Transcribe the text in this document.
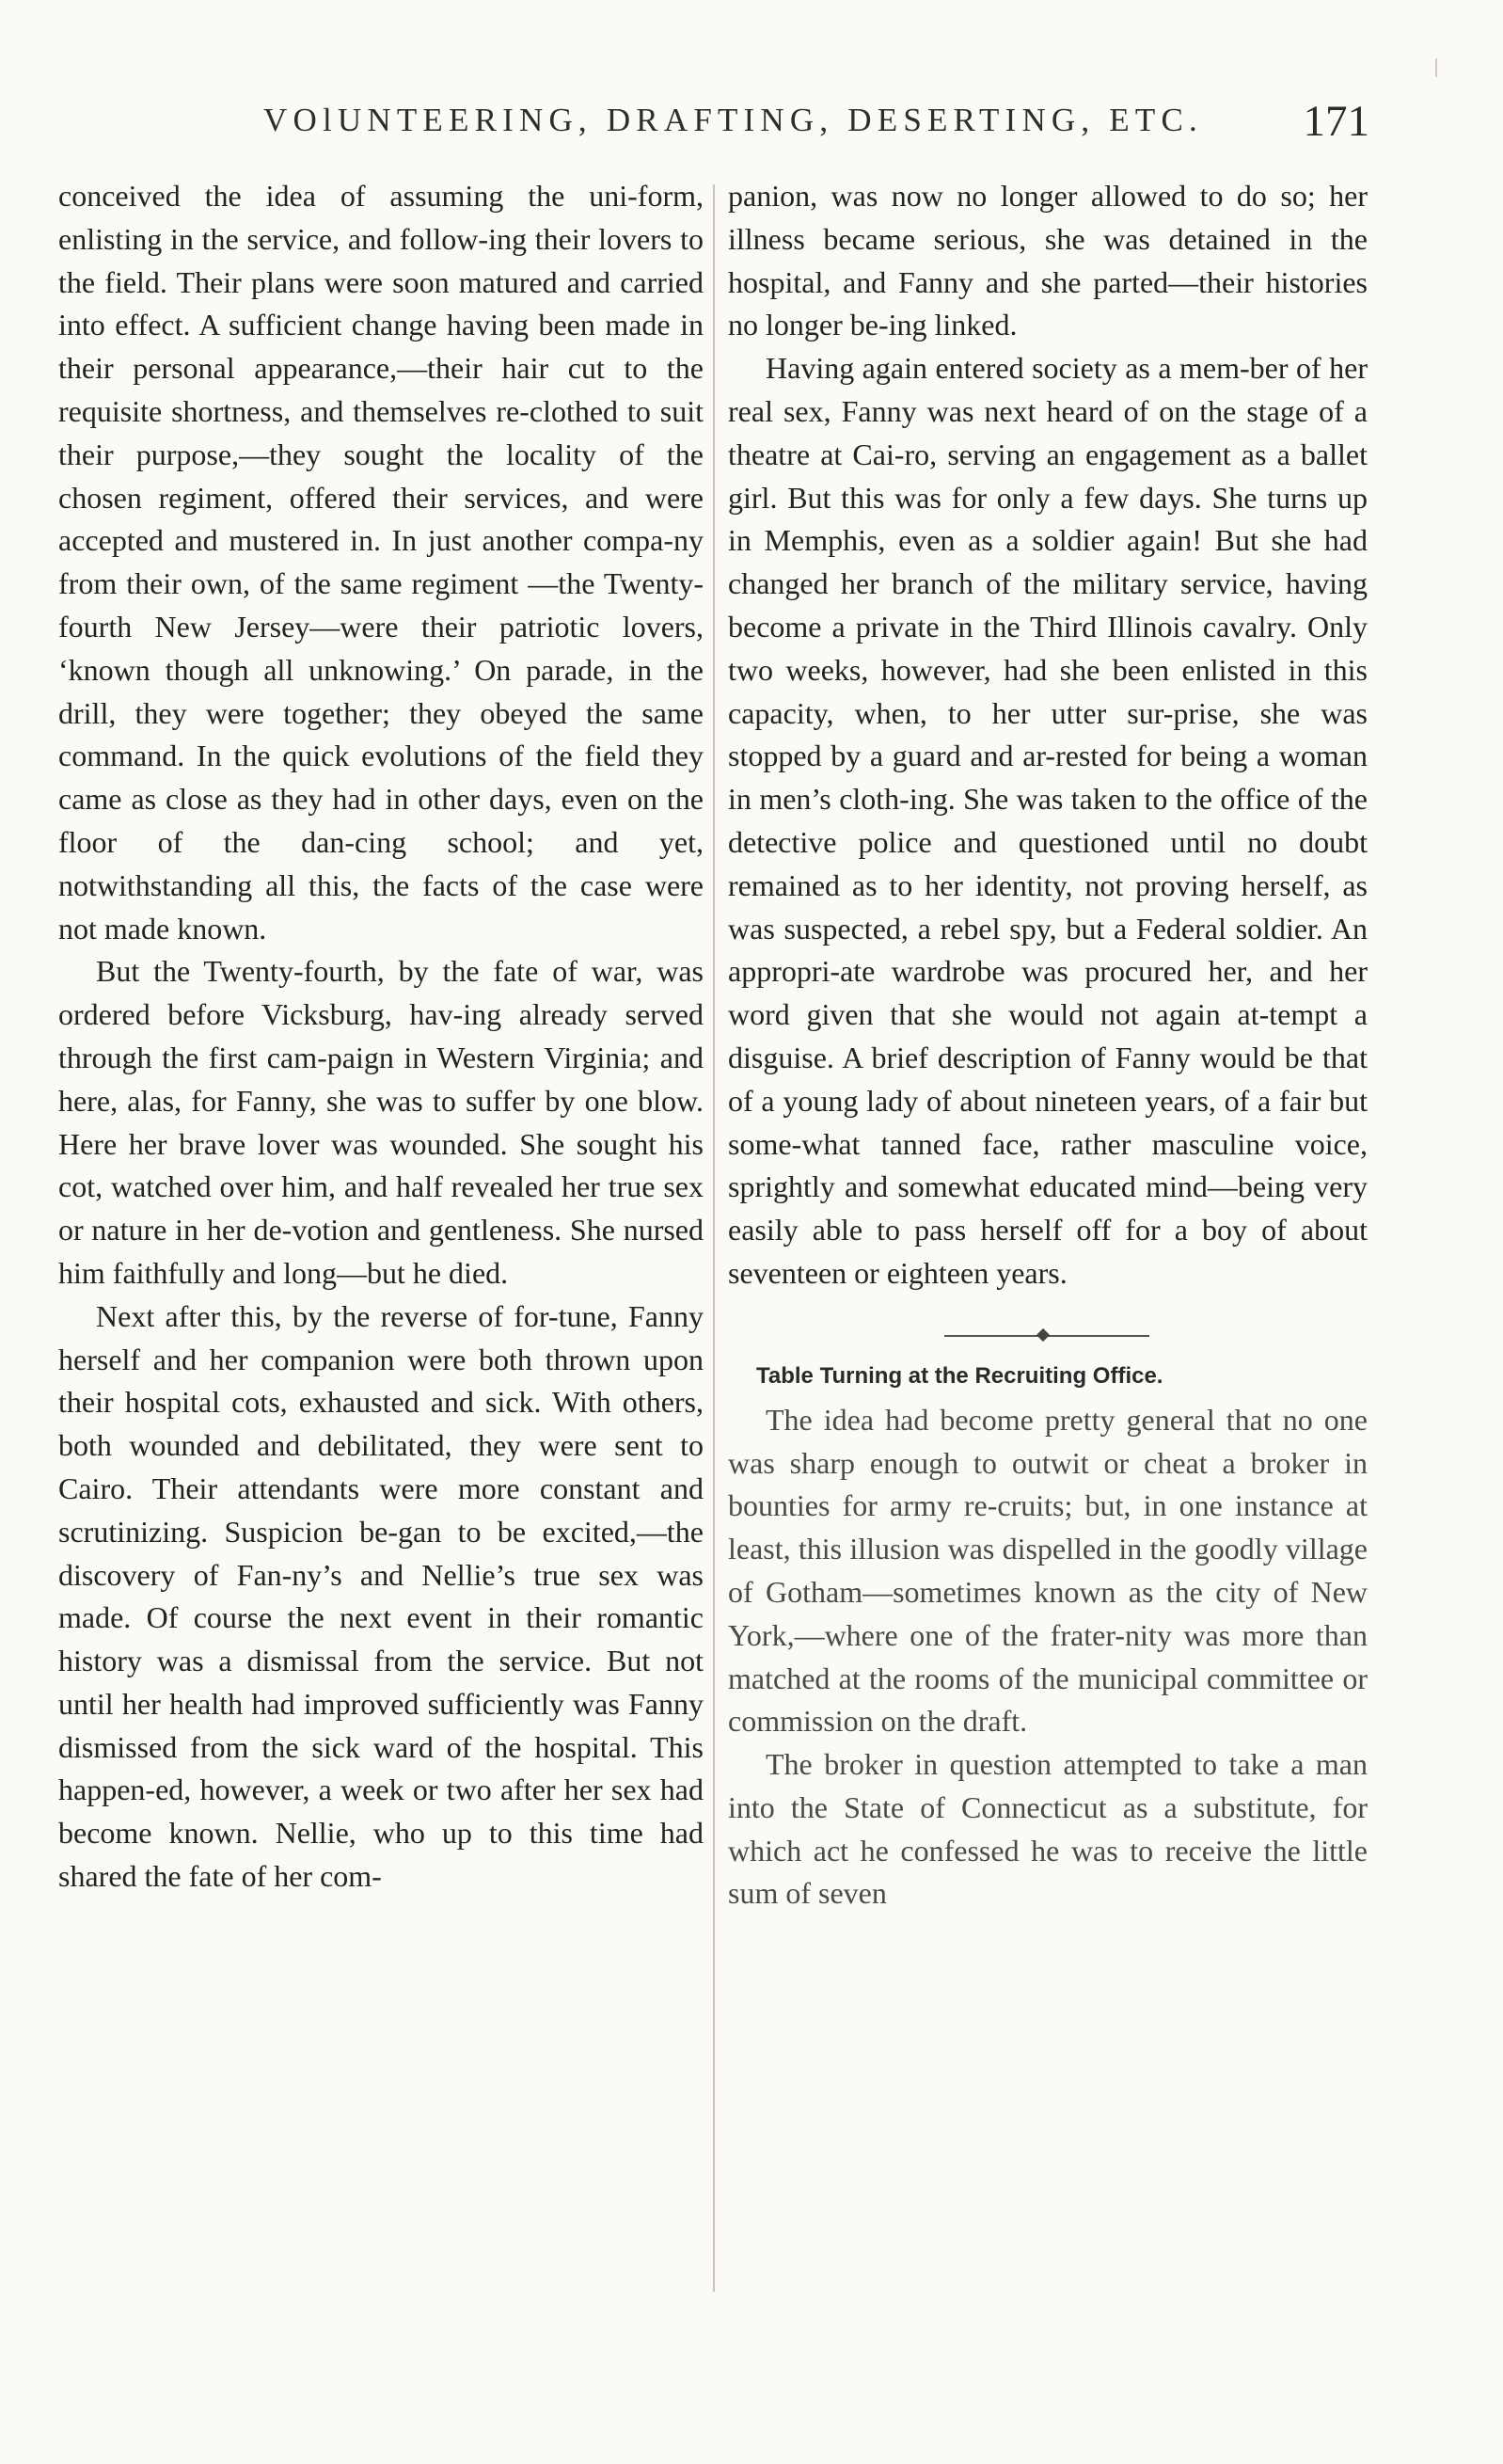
VOlUNTEERING, DRAFTING, DESERTING, ETC. 171

conceived the idea of assuming the uni-form, enlisting in the service, and follow-ing their lovers to the field. Their plans were soon matured and carried into effect. A sufficient change having been made in their personal appearance,—their hair cut to the requisite shortness, and themselves re-clothed to suit their purpose,—they sought the locality of the chosen regiment, offered their services, and were accepted and mustered in. In just another compa-ny from their own, of the same regiment —the Twenty-fourth New Jersey—were their patriotic lovers, ‘known though all unknowing.’ On parade, in the drill, they were together; they obeyed the same command. In the quick evolutions of the field they came as close as they had in other days, even on the floor of the dan-cing school; and yet, notwithstanding all this, the facts of the case were not made known.

But the Twenty-fourth, by the fate of war, was ordered before Vicksburg, hav-ing already served through the first cam-paign in Western Virginia; and here, alas, for Fanny, she was to suffer by one blow. Here her brave lover was wounded. She sought his cot, watched over him, and half revealed her true sex or nature in her de-votion and gentleness. She nursed him faithfully and long—but he died.

Next after this, by the reverse of for-tune, Fanny herself and her companion were both thrown upon their hospital cots, exhausted and sick. With others, both wounded and debilitated, they were sent to Cairo. Their attendants were more constant and scrutinizing. Suspicion be-gan to be excited,—the discovery of Fan-ny’s and Nellie’s true sex was made. Of course the next event in their romantic history was a dismissal from the service. But not until her health had improved sufficiently was Fanny dismissed from the sick ward of the hospital. This happen-ed, however, a week or two after her sex had become known. Nellie, who up to this time had shared the fate of her com-

panion, was now no longer allowed to do so; her illness became serious, she was detained in the hospital, and Fanny and she parted—their histories no longer be-ing linked.

Having again entered society as a mem-ber of her real sex, Fanny was next heard of on the stage of a theatre at Cai-ro, serving an engagement as a ballet girl. But this was for only a few days. She turns up in Memphis, even as a soldier again! But she had changed her branch of the military service, having become a private in the Third Illinois cavalry. Only two weeks, however, had she been enlisted in this capacity, when, to her utter sur-prise, she was stopped by a guard and ar-rested for being a woman in men’s cloth-ing. She was taken to the office of the detective police and questioned until no doubt remained as to her identity, not proving herself, as was suspected, a rebel spy, but a Federal soldier. An appropri-ate wardrobe was procured her, and her word given that she would not again at-tempt a disguise. A brief description of Fanny would be that of a young lady of about nineteen years, of a fair but some-what tanned face, rather masculine voice, sprightly and somewhat educated mind—being very easily able to pass herself off for a boy of about seventeen or eighteen years.

Table Turning at the Recruiting Office.

The idea had become pretty general that no one was sharp enough to outwit or cheat a broker in bounties for army re-cruits; but, in one instance at least, this illusion was dispelled in the goodly village of Gotham—sometimes known as the city of New York,—where one of the frater-nity was more than matched at the rooms of the municipal committee or commission on the draft.

The broker in question attempted to take a man into the State of Connecticut as a substitute, for which act he confessed he was to receive the little sum of seven
